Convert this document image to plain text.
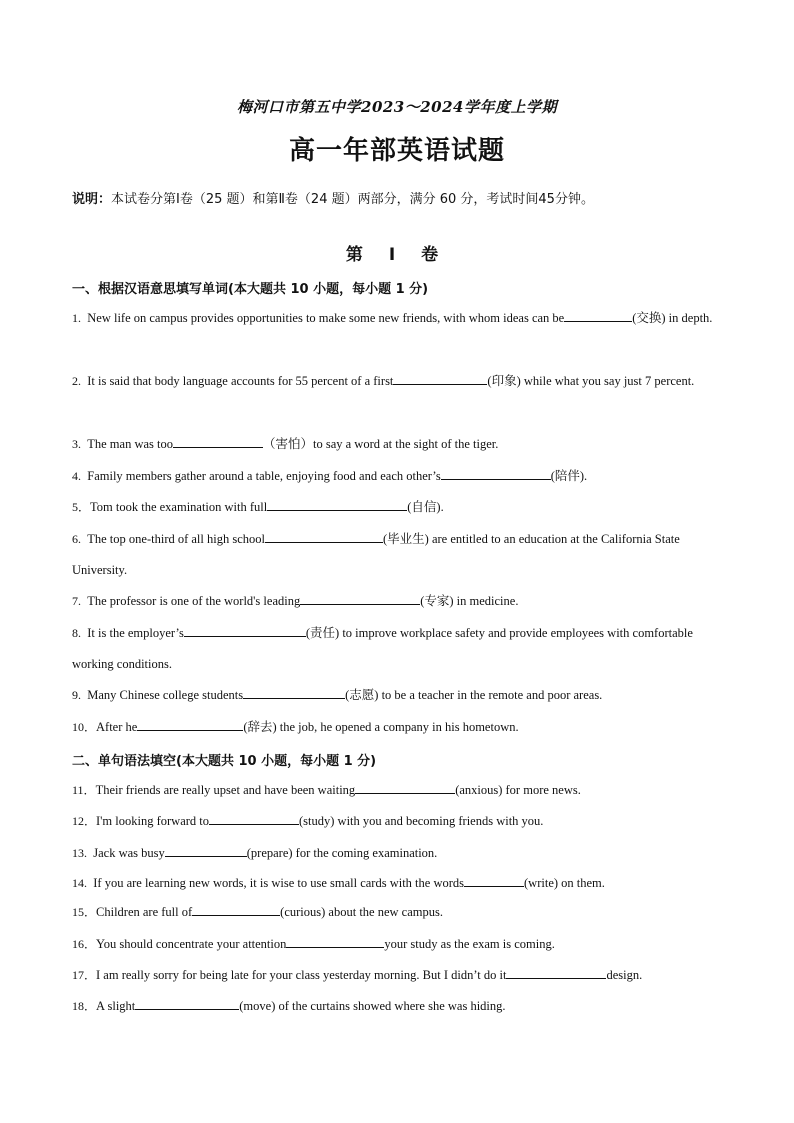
梅河口市第五中学2023～2024学年度上学期
高一年部英语试题
说明：本试卷分第Ⅰ卷（25 题）和第Ⅱ卷（24 题）两部分，满分 60 分，考试时间45分钟。
第 Ⅰ 卷
一、根据汉语意思填写单词(本大题共 10 小题，每小题 1 分)
1. New life on campus provides opportunities to make some new friends, with whom ideas can be	(交换) in depth.
2. It is said that body language accounts for 55 percent of a first	(印象) while what you say just 7 percent.
3. The man was too	（害怕）to say a word at the sight of the tiger.
4. Family members gather around a table, enjoying food and each other’s	(陪伴).
5．Tom took the examination with full	(自信).
6. The top one-third of all high school	(毕业生) are entitled to an education at the California State University.
7. The professor is one of the world's leading	(专家) in medicine.
8. It is the employer’s	(责任) to improve workplace safety and provide employees with comfortable working conditions.
9. Many Chinese college students	(志愿) to be a teacher in the remote and poor areas.
10．After he	(辞去) the job, he opened a company in his hometown.
二、单句语法填空(本大题共 10 小题，每小题 1 分)
11．Their friends are really upset and have been waiting	(anxious) for more news.
12．I'm looking forward to	(study) with you and becoming friends with you.
13. Jack was busy	(prepare) for the coming examination.
14. If you are learning new words, it is wise to use small cards with the words	(write) on them.
15．Children are full of	(curious) about the new campus.
16．You should concentrate your attention	your study as the exam is coming.
17．I am really sorry for being late for your class yesterday morning. But I didn’t do it	design.
18．A slight	(move) of the curtains showed where she was hiding.
